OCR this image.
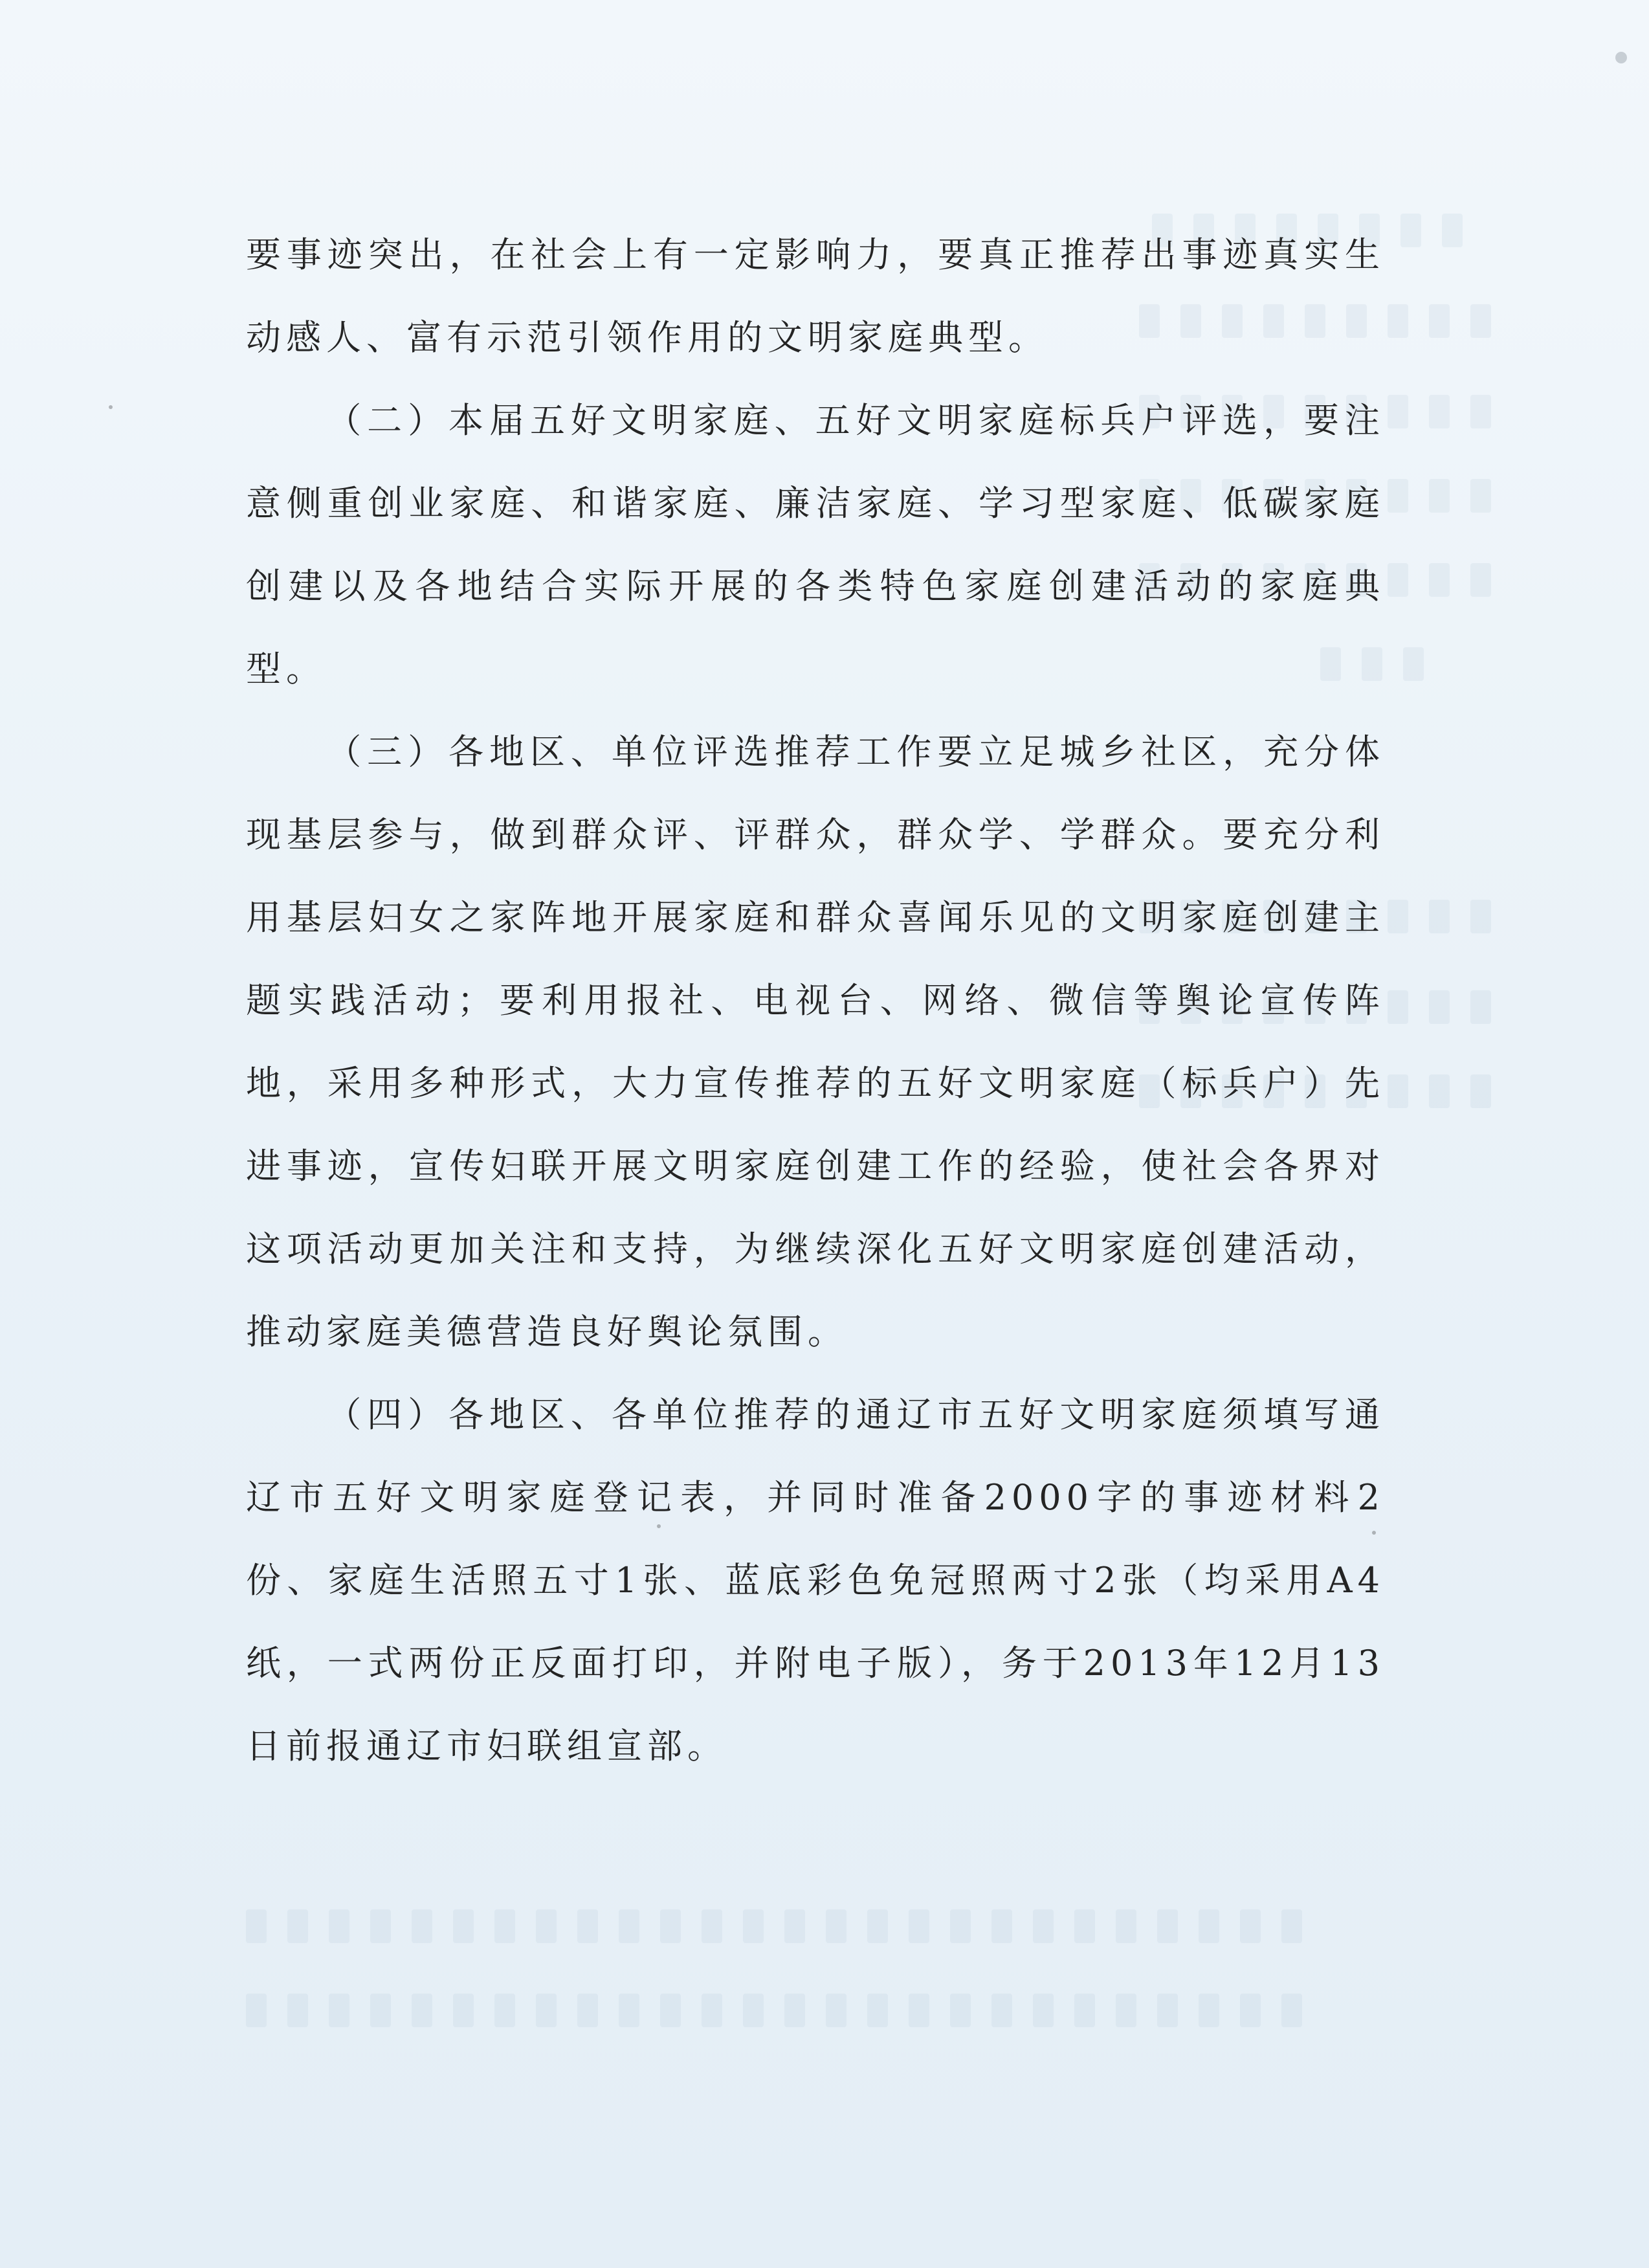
要事迹突出，在社会上有一定影响力，要真正推荐出事迹真实生动感人、富有示范引领作用的文明家庭典型。

（二）本届五好文明家庭、五好文明家庭标兵户评选，要注意侧重创业家庭、和谐家庭、廉洁家庭、学习型家庭、低碳家庭创建以及各地结合实际开展的各类特色家庭创建活动的家庭典型。

（三）各地区、单位评选推荐工作要立足城乡社区，充分体现基层参与，做到群众评、评群众，群众学、学群众。要充分利用基层妇女之家阵地开展家庭和群众喜闻乐见的文明家庭创建主题实践活动；要利用报社、电视台、网络、微信等舆论宣传阵地，采用多种形式，大力宣传推荐的五好文明家庭（标兵户）先进事迹，宣传妇联开展文明家庭创建工作的经验，使社会各界对这项活动更加关注和支持，为继续深化五好文明家庭创建活动，推动家庭美德营造良好舆论氛围。

（四）各地区、各单位推荐的通辽市五好文明家庭须填写通辽市五好文明家庭登记表，并同时准备2000字的事迹材料2份、家庭生活照五寸1张、蓝底彩色免冠照两寸2张（均采用A4纸，一式两份正反面打印，并附电子版），务于2013年12月13日前报通辽市妇联组宣部。
